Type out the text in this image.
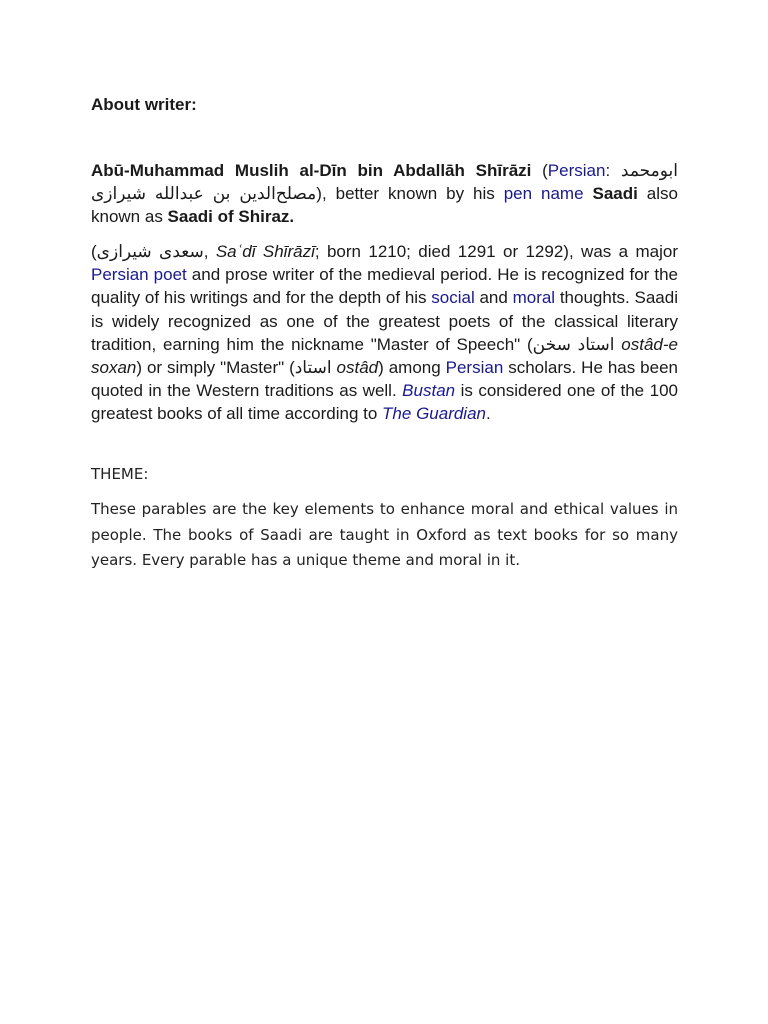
About writer:

Abū-Muhammad Muslih al-Dīn bin Abdallāh Shīrāzi (Persian: ابومحمد مصلح‌الدین بن عبدالله شیرازی), better known by his pen name Saadi also known as Saadi of Shiraz.

(سعدی شیرازی, Saʿdī Shīrāzī; born 1210; died 1291 or 1292), was a major Persian poet and prose writer of the medieval period. He is recognized for the quality of his writings and for the depth of his social and moral thoughts. Saadi is widely recognized as one of the greatest poets of the classical literary tradition, earning him the nickname "Master of Speech" (استاد سخن ostâd-e soxan) or simply "Master" (استاد ostâd) among Persian scholars. He has been quoted in the Western traditions as well. Bustan is considered one of the 100 greatest books of all time according to The Guardian.

THEME:

These parables are the key elements to enhance moral and ethical values in people. The books of Saadi are taught in Oxford as text books for so many years. Every parable has a unique theme and moral in it.
